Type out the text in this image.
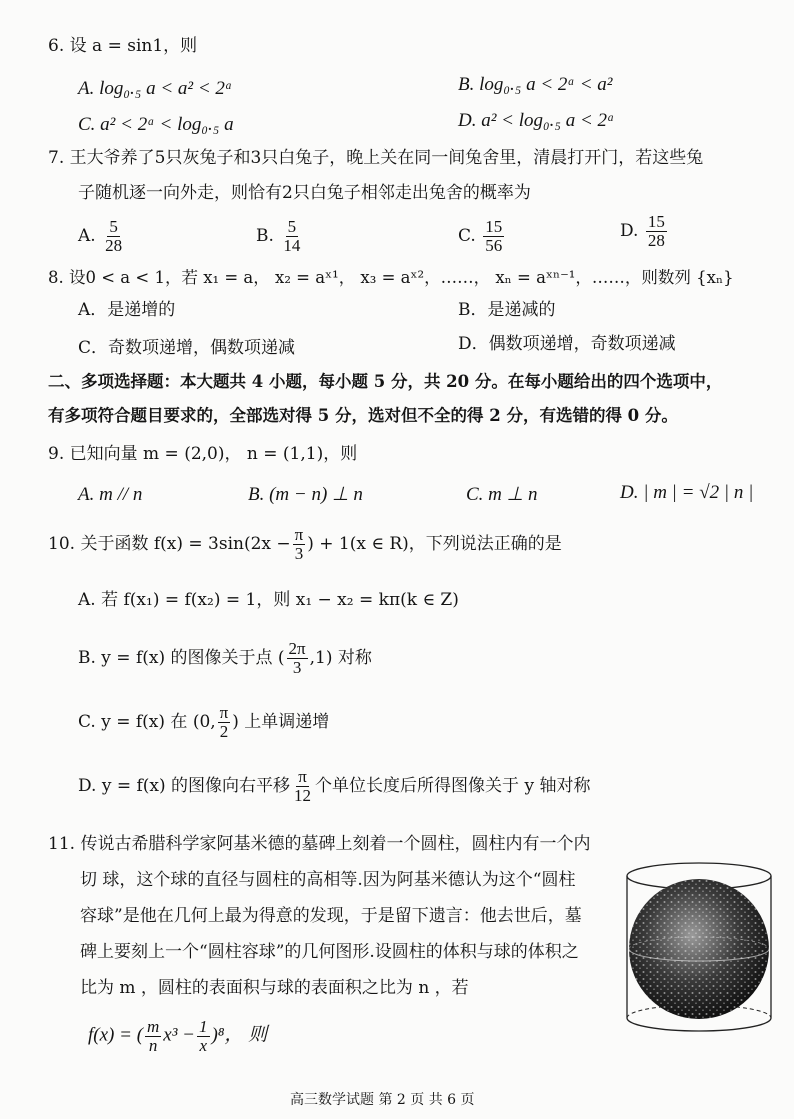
6. 设 a = sin1，则
A. log₀.₅ a < a² < 2ᵃ	B. log₀.₅ a < 2ᵃ < a²
C. a² < 2ᵃ < log₀.₅ a	D. a² < log₀.₅ a < 2ᵃ
7. 王大爷养了5只灰兔子和3只白兔子，晚上关在同一间兔舍里，清晨打开门，若这些兔
子随机逐一向外走，则恰有2只白兔子相邻走出兔舍的概率为
A. $\frac{5}{28}$	B. $\frac{5}{14}$	C. $\frac{15}{56}$	D. $\frac{15}{28}$
8. 设0 < a < 1，若 x₁ = a， x₂ = aˣ¹， x₃ = aˣ²，……， xₙ = aˣⁿ⁻¹，……，则数列 {xₙ}
A．是递增的	B．是递减的
C．奇数项递增，偶数项递减	D．偶数项递增，奇数项递减
二、多项选择题：本大题共 4 小题，每小题 5 分，共 20 分。在每小题给出的四个选项中，
有多项符合题目要求的，全部选对得 5 分，选对但不全的得 2 分，有选错的得 0 分。
9. 已知向量 m = (2,0)， n = (1,1)，则
A. m // n	B. (m − n) ⊥ n	C. m ⊥ n	D. | m | = √2 | n |
10. 关于函数 $f(x) = 3\sin(2x - \frac{\pi}{3}$ ) + 1(x ∈ R)，下列说法正确的是
A. 若 f(x₁) = f(x₂) = 1，则 x₁ − x₂ = kπ(k ∈ Z)
B. y = f(x) 的图像关于点 ( $\frac{2\pi}{3} ,1$) 对称
C. y = f(x) 在 (0, $\frac{\pi}{2}$ ) 上单调递增
D. y = f(x) 的图像向右平移 $\frac{\pi}{12}$ 个单位长度后所得图像关于 y 轴对称
11. 传说古希腊科学家阿基米德的墓碑上刻着一个圆柱，圆柱内有一个内
切 球，这个球的直径与圆柱的高相等.因为阿基米德认为这个“圆柱
容球”是他在几何上最为得意的发现，于是留下遗言：他去世后，墓
碑上要刻上一个“圆柱容球”的几何图形.设圆柱的体积与球的体积之
比为 m ，圆柱的表面积与球的表面积之比为 n ，若
f(x) = ( $\frac{m}{n} x^3 - \frac{1}{x} )^8$， 则
高三数学试题 第 2 页 共 6 页
